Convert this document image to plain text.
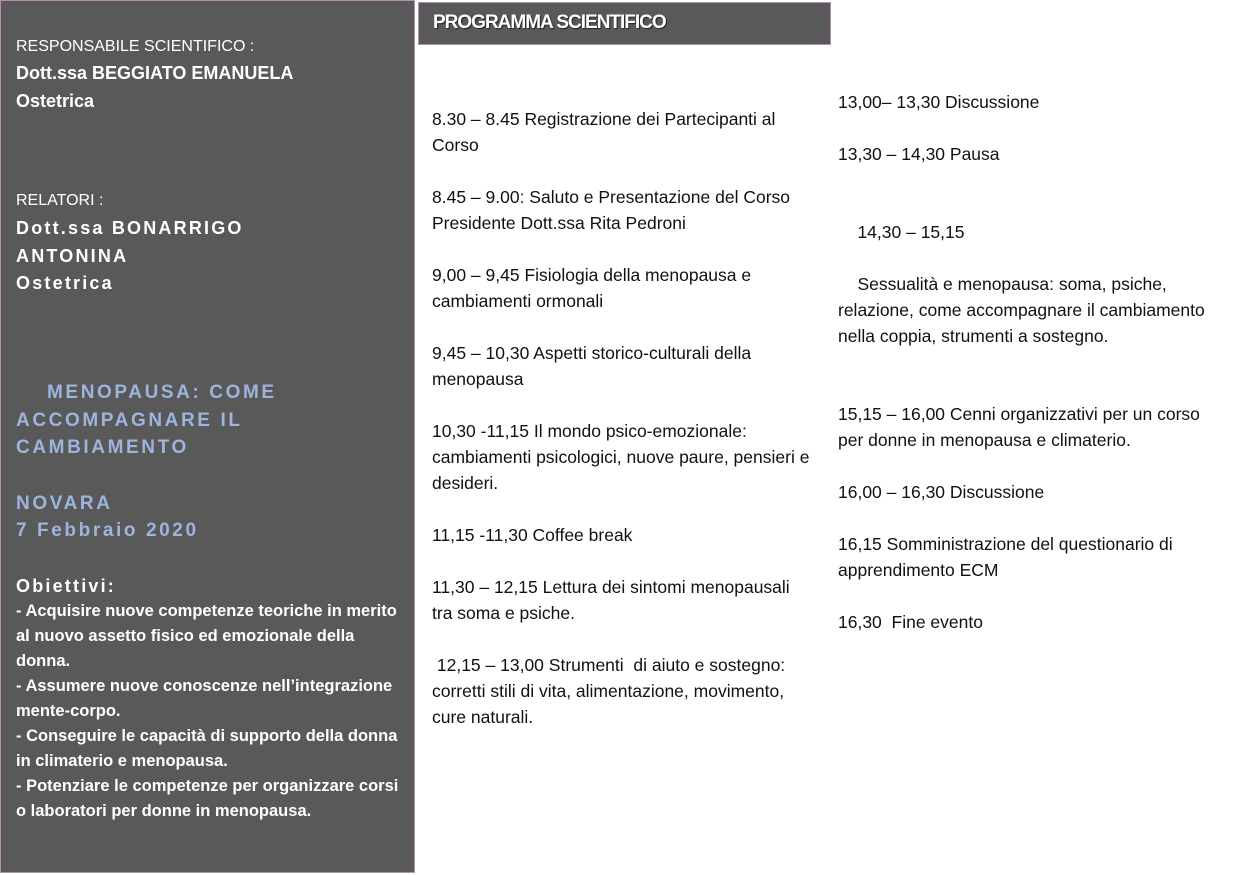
RESPONSABILE SCIENTIFICO :
Dott.ssa BEGGIATO EMANUELA
Ostetrica
RELATORI :
Dott.ssa BONARRIGO
ANTONINA
Ostetrica
MENOPAUSA: COME
ACCOMPAGNARE IL
CAMBIAMENTO
NOVARA
7 Febbraio 2020
Obiettivi:
- Acquisire nuove competenze teoriche in merito al nuovo assetto fisico ed emozionale della donna.
- Assumere nuove conoscenze nell’integrazione mente-corpo.
- Conseguire le capacità di supporto della donna in climaterio e menopausa.
- Potenziare le competenze per organizzare corsi o laboratori per donne in menopausa.
PROGRAMMA SCIENTIFICO

8.30 – 8.45 Registrazione dei Partecipanti al Corso

8.45 – 9.00: Saluto e Presentazione del Corso  Presidente Dott.ssa Rita Pedroni

9,00 – 9,45 Fisiologia della menopausa e cambiamenti ormonali

9,45 – 10,30 Aspetti storico-culturali della menopausa

10,30 -11,15 Il mondo psico-emozionale: cambiamenti psicologici, nuove paure, pensieri e desideri.

11,15 -11,30 Coffee break

11,30 – 12,15 Lettura dei sintomi menopausali  tra soma e psiche.

12,15 – 13,00 Strumenti  di aiuto e sostegno: corretti stili di vita, alimentazione, movimento, cure naturali.

13,00– 13,30 Discussione

13,30 – 14,30 Pausa

14,30 – 15,15

Sessualità e menopausa: soma, psiche, relazione, come accompagnare il cambiamento nella coppia, strumenti a sostegno.

15,15 – 16,00 Cenni organizzativi per un corso per donne in menopausa e climaterio.

16,00 – 16,30 Discussione

16,15 Somministrazione del questionario di apprendimento ECM

16,30  Fine evento
